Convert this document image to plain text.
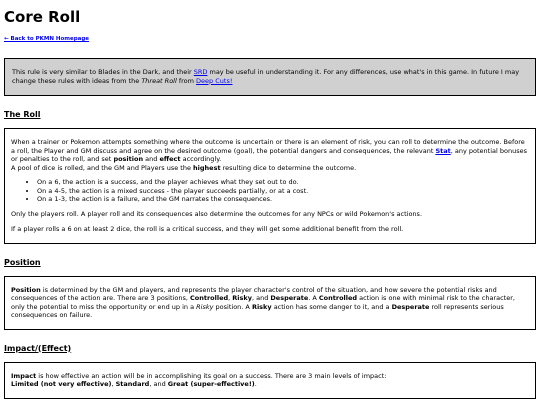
Core Roll
← Back to PKMN Homepage
This rule is very similar to Blades in the Dark, and their SRD may be useful in understanding it. For any differences, use what's in this game. In future I may change these rules with ideas from the Threat Roll from Deep Cuts!
The Roll

When a trainer or Pokemon attempts something where the outcome is uncertain or there is an element of risk, you can roll to determine the outcome. Before a roll, the Player and GM discuss and agree on the desired outcome (goal), the potential dangers and consequences, the relevant Stat, any potential bonuses or penalties to the roll, and set position and effect accordingly.
A pool of dice is rolled, and the GM and Players use the highest resulting dice to determine the outcome.

• On a 6, the action is a success, and the player achieves what they set out to do.
• On a 4-5, the action is a mixed success - the player succeeds partially, or at a cost.
• On a 1-3, the action is a failure, and the GM narrates the consequences.

Only the players roll. A player roll and its consequences also determine the outcomes for any NPCs or wild Pokemon's actions.

If a player rolls a 6 on at least 2 dice, the roll is a critical success, and they will get some additional benefit from the roll.

Position

Position is determined by the GM and players, and represents the player character's control of the situation, and how severe the potential risks and consequences of the action are. There are 3 positions, Controlled, Risky, and Desperate. A Controlled action is one with minimal risk to the character, only the potential to miss the opportunity or end up in a Risky position. A Risky action has some danger to it, and a Desperate roll represents serious consequences on failure.

Impact/(Effect)

Impact is how effective an action will be in accomplishing its goal on a success. There are 3 main levels of impact:
Limited (not very effective), Standard, and Great (super-effective!).
